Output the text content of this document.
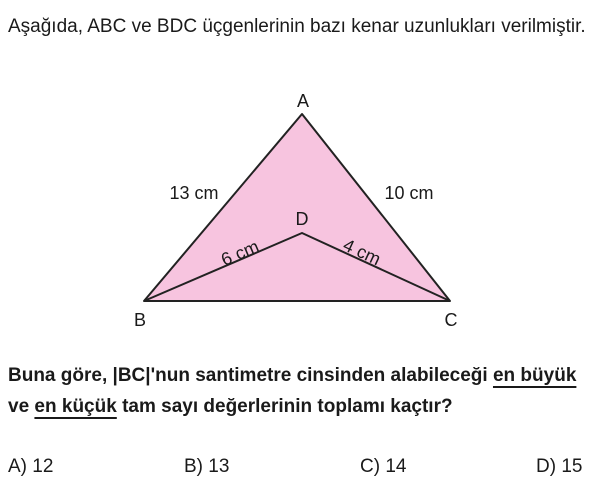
Aşağıda, ABC ve BDC üçgenlerinin bazı kenar uzunlukları verilmiştir.

A
B	C
D
13 cm	10 cm
6 cm	4 cm

Buna göre, |BC|'nun santimetre cinsinden alabileceği en büyük ve en küçük tam sayı değerlerinin toplamı kaçtır?

A) 12	B) 13	C) 14	D) 15
